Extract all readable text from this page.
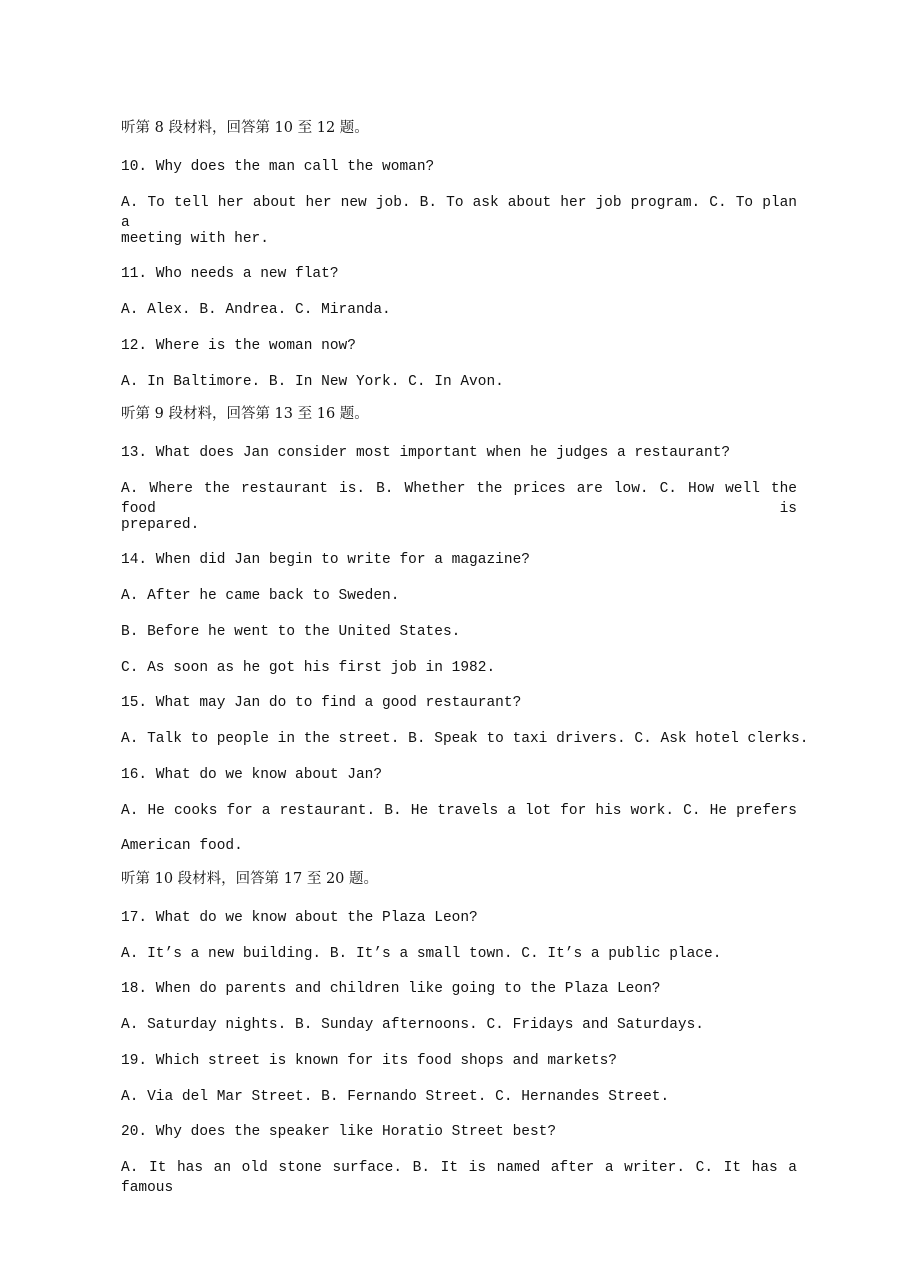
听第 8 段材料，回答第 10 至 12 题。
10. Why does the man call the woman?
A. To tell her about her new job. B. To ask about her job program. C. To plan a
meeting with her.
11. Who needs a new flat?
A. Alex. B. Andrea. C. Miranda.
12. Where is the woman now?
A. In Baltimore. B. In New York. C. In Avon.
听第 9 段材料，回答第 13 至 16 题。
13. What does Jan consider most important when he judges a restaurant?
A. Where the restaurant is. B. Whether the prices are low. C. How well the food is
prepared.
14. When did Jan begin to write for a magazine?
A. After he came back to Sweden.
B. Before he went to the United States.
C. As soon as he got his first job in 1982.
15. What may Jan do to find a good restaurant?
A. Talk to people in the street. B. Speak to taxi drivers. C. Ask hotel clerks.
16. What do we know about Jan?
A. He cooks for a restaurant. B. He travels a lot for his work. C. He prefers
American food.
听第 10 段材料，回答第 17 至 20 题。
17. What do we know about the Plaza Leon?
A. It’s a new building. B. It’s a small town. C. It’s a public place.
18. When do parents and children like going to the Plaza Leon?
A. Saturday nights. B. Sunday afternoons. C. Fridays and Saturdays.
19. Which street is known for its food shops and markets?
A. Via del Mar Street. B. Fernando Street. C. Hernandes Street.
20. Why does the speaker like Horatio Street best?
A. It has an old stone surface. B. It is named after a writer. C. It has a famous
